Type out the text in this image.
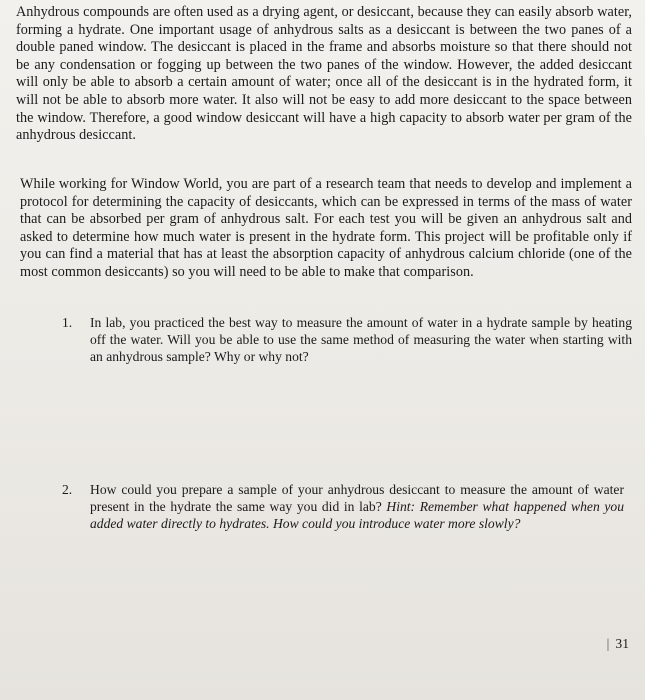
Anhydrous compounds are often used as a drying agent, or desiccant, because they can easily absorb water, forming a hydrate. One important usage of anhydrous salts as a desiccant is between the two panes of a double paned window. The desiccant is placed in the frame and absorbs moisture so that there should not be any condensation or fogging up between the two panes of the window. However, the added desiccant will only be able to absorb a certain amount of water; once all of the desiccant is in the hydrated form, it will not be able to absorb more water. It also will not be easy to add more desiccant to the space between the window. Therefore, a good window desiccant will have a high capacity to absorb water per gram of the anhydrous desiccant.

While working for Window World, you are part of a research team that needs to develop and implement a protocol for determining the capacity of desiccants, which can be expressed in terms of the mass of water that can be absorbed per gram of anhydrous salt. For each test you will be given an anhydrous salt and asked to determine how much water is present in the hydrate form. This project will be profitable only if you can find a material that has at least the absorption capacity of anhydrous calcium chloride (one of the most common desiccants) so you will need to be able to make that comparison.

1. In lab, you practiced the best way to measure the amount of water in a hydrate sample by heating off the water. Will you be able to use the same method of measuring the water when starting with an anhydrous sample? Why or why not?
2. How could you prepare a sample of your anhydrous desiccant to measure the amount of water present in the hydrate the same way you did in lab? Hint: Remember what happened when you added water directly to hydrates. How could you introduce water more slowly?
| 31
